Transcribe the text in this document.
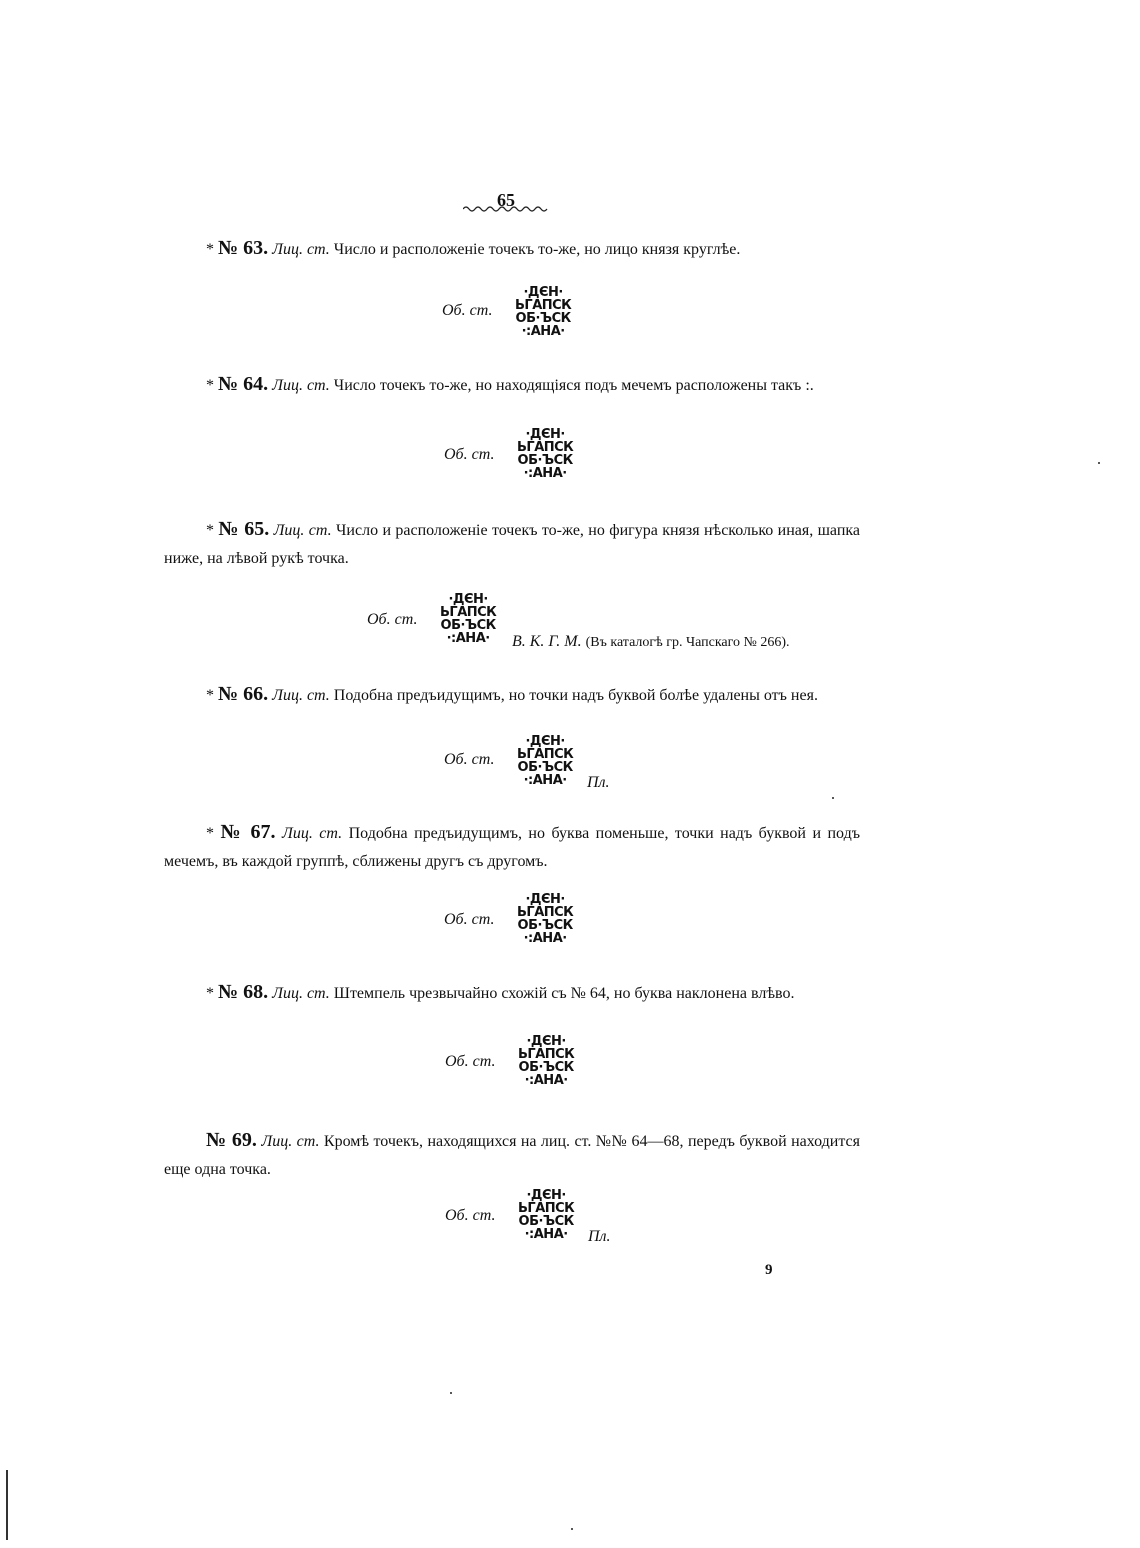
65
* № 63. Лиц. ст. Число и расположеніе точекъ то-же, но лицо князя круглѣе.
Об. ст.
·ДЄН·
ЬГАПСК
ОБ·ЪСК
·:АНА·
* № 64. Лиц. ст. Число точекъ то-же, но находящіяся подъ мечемъ расположены такъ :.
Об. ст.
·ДЄН·
ЬГАПСК
ОБ·ЪСК
·:АНА·
* № 65. Лиц. ст. Число и расположеніе точекъ то-же, но фигура князя нѣсколько иная, шапка ниже, на лѣвой рукѣ точка.
Об. ст.
·ДЄН·
ЬГАПСК
ОБ·ЪСК
·:АНА·	В. К. Г. М. (Въ каталогѣ гр. Чапскаго № 266).
* № 66. Лиц. ст. Подобна предъидущимъ, но точки надъ буквой болѣе удалены отъ нея.
Об. ст.
·ДЄН·
ЬГАПСК
ОБ·ЪСК
·:АНА·	Пл.
* № 67. Лиц. ст. Подобна предъидущимъ, но буква поменьше, точки надъ буквой и подъ мечемъ, въ каждой группѣ, сближены другъ съ другомъ.
Об. ст.
·ДЄН·
ЬГАПСК
ОБ·ЪСК
·:АНА·
* № 68. Лиц. ст. Штемпель чрезвычайно схожій съ № 64, но буква наклонена влѣво.
Об. ст.
·ДЄН·
ЬГАПСК
ОБ·ЪСК
·:АНА·
№ 69. Лиц. ст. Кромѣ точекъ, находящихся на лиц. ст. №№ 64—68, передъ буквой находится еще одна точка.
Об. ст.
·ДЄН·
ЬГАПСК
ОБ·ЪСК
·:АНА·	Пл.
9
